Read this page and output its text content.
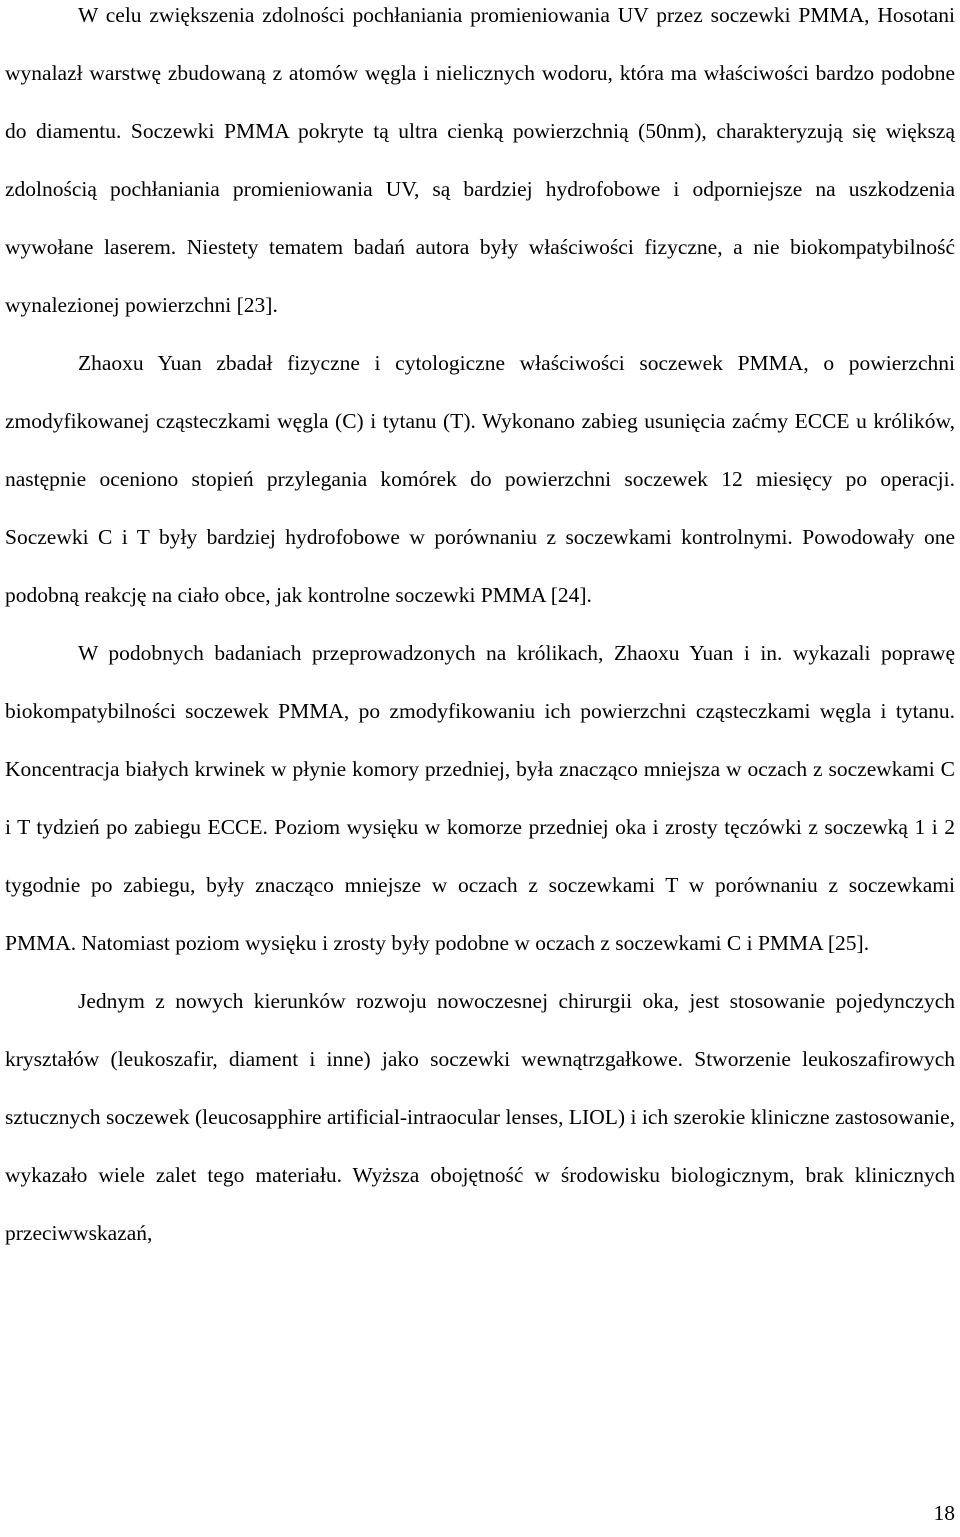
W celu zwiększenia zdolności pochłaniania promieniowania UV przez soczewki PMMA, Hosotani wynalazł warstwę zbudowaną z atomów węgla i nielicznych wodoru, która ma właściwości bardzo podobne do diamentu. Soczewki PMMA pokryte tą ultra cienką powierzchnią (50nm), charakteryzują się większą zdolnością pochłaniania promieniowania UV, są bardziej hydrofobowe i odporniejsze na uszkodzenia wywołane laserem. Niestety tematem badań autora były właściwości fizyczne, a nie biokompatybilność wynalezionej powierzchni [23].

Zhaoxu Yuan zbadał fizyczne i cytologiczne właściwości soczewek PMMA, o powierzchni zmodyfikowanej cząsteczkami węgla (C) i tytanu (T). Wykonano zabieg usunięcia zaćmy ECCE u królików, następnie oceniono stopień przylegania komórek do powierzchni soczewek 12 miesięcy po operacji. Soczewki C i T były bardziej hydrofobowe w porównaniu z soczewkami kontrolnymi. Powodowały one podobną reakcję na ciało obce, jak kontrolne soczewki PMMA [24].

W podobnych badaniach przeprowadzonych na królikach, Zhaoxu Yuan i in. wykazali poprawę biokompatybilności soczewek PMMA, po zmodyfikowaniu ich powierzchni cząsteczkami węgla i tytanu. Koncentracja białych krwinek w płynie komory przedniej, była znacząco mniejsza w oczach z soczewkami C i T tydzień po zabiegu ECCE. Poziom wysięku w komorze przedniej oka i zrosty tęczówki z soczewką 1 i 2 tygodnie po zabiegu, były znacząco mniejsze w oczach z soczewkami T w porównaniu z soczewkami PMMA. Natomiast poziom wysięku i zrosty były podobne w oczach z soczewkami C i PMMA [25].

Jednym z nowych kierunków rozwoju nowoczesnej chirurgii oka, jest stosowanie pojedynczych kryształów (leukoszafir, diament i inne) jako soczewki wewnątrzgałkowe. Stworzenie leukoszafirowych sztucznych soczewek (leucosapphire artificial-intraocular lenses, LIOL) i ich szerokie kliniczne zastosowanie, wykazało wiele zalet tego materiału. Wyższa obojętność w środowisku biologicznym, brak klinicznych przeciwwskazań,

18
